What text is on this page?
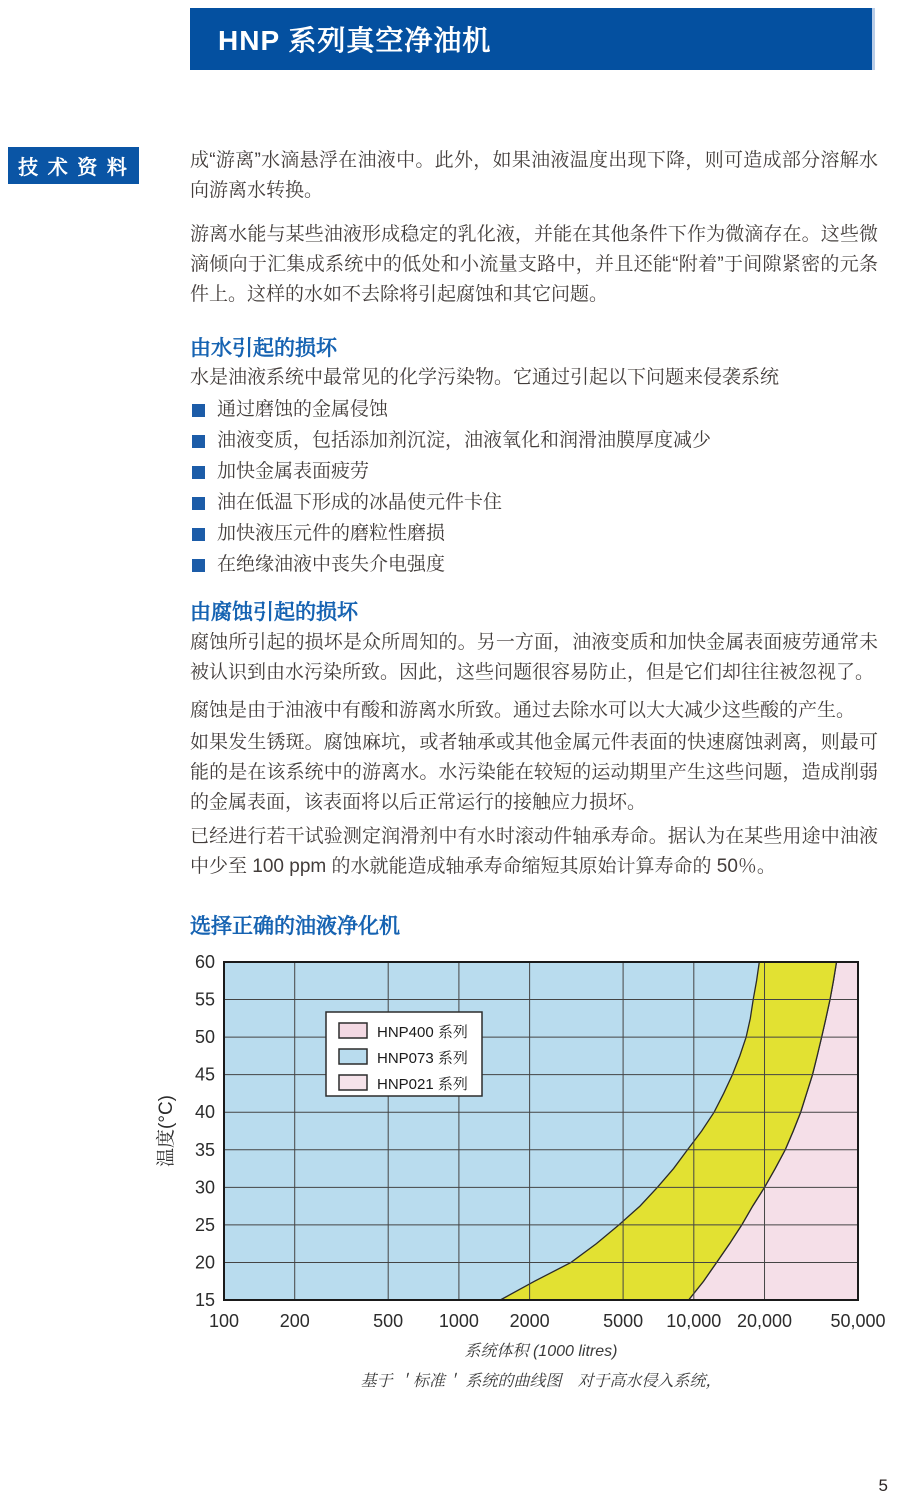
HNP 系列真空净油机
技 术 资 料	成“游离”水滴悬浮在油液中。此外，如果油液温度出现下降，则可造成部分溶解水向游离水转换。
游离水能与某些油液形成稳定的乳化液，并能在其他条件下作为微滴存在。这些微滴倾向于汇集成系统中的低处和小流量支路中，并且还能“附着”于间隙紧密的元条件上。这样的水如不去除将引起腐蚀和其它问题。
由水引起的损坏
水是油液系统中最常见的化学污染物。它通过引起以下问题来侵袭系统
通过磨蚀的金属侵蚀
油液变质，包括添加剂沉淀，油液氧化和润滑油膜厚度减少
加快金属表面疲劳
油在低温下形成的冰晶使元件卡住
加快液压元件的磨粒性磨损
在绝缘油液中丧失介电强度
由腐蚀引起的损坏
腐蚀所引起的损坏是众所周知的。另一方面，油液变质和加快金属表面疲劳通常未被认识到由水污染所致。因此，这些问题很容易防止，但是它们却往往被忽视了。
腐蚀是由于油液中有酸和游离水所致。通过去除水可以大大减少这些酸的产生。
如果发生锈斑。腐蚀麻坑，或者轴承或其他金属元件表面的快速腐蚀剥离，则最可能的是在该系统中的游离水。水污染能在较短的运动期里产生这些问题，造成削弱的金属表面，该表面将以后正常运行的接触应力损坏。
已经进行若干试验测定润滑剂中有水时滚动件轴承寿命。据认为在某些用途中油液中少至 100 ppm 的水就能造成轴承寿命缩短其原始计算寿命的 50％。
选择正确的油液净化机
15
20
25
30
35
40
45
50
55
60
100 200	500 1000 2000	5000 10,000 20,000 50,000
温度(°C)
HNP400 系列
HNP073 系列
HNP021 系列
系统体积 (1000 litres)
基于 ＇标准＇ 系统的曲线图　对于高水侵入系统，
5
